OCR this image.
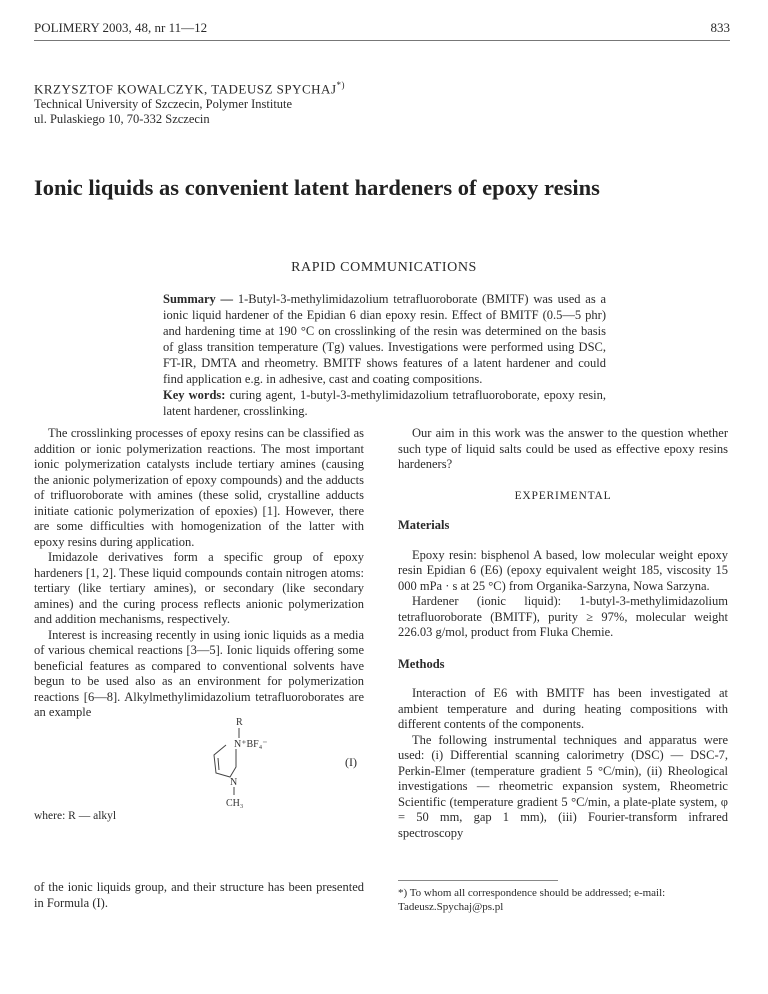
POLIMERY 2003, 48, nr 11—12	833
KRZYSZTOF KOWALCZYK, TADEUSZ SPYCHAJ*)
Technical University of Szczecin, Polymer Institute
ul. Pulaskiego 10, 70-332 Szczecin
Ionic liquids as convenient latent hardeners of epoxy resins
RAPID COMMUNICATIONS
Summary — 1-Butyl-3-methylimidazolium tetrafluoroborate (BMITF) was used as a ionic liquid hardener of the Epidian 6 dian epoxy resin. Effect of BMITF (0.5—5 phr) and hardening time at 190 °C on crosslinking of the resin was determined on the basis of glass transition temperature (Tg) values. Investigations were performed using DSC, FT-IR, DMTA and rheometry. BMITF shows features of a latent hardener and could find application e.g. in adhesive, cast and coating compositions.
Key words: curing agent, 1-butyl-3-methylimidazolium tetrafluoroborate, epoxy resin, latent hardener, crosslinking.

The crosslinking processes of epoxy resins can be classified as addition or ionic polymerization reactions. The most important ionic polymerization catalysts include tertiary amines (causing the anionic polymerization of epoxy compounds) and the adducts of trifluoroborate with amines (these solid, crystalline adducts initiate cationic polymerization of epoxies) [1]. However, there are some difficulties with homogenization of the latter with epoxy resins during application.

Imidazole derivatives form a specific group of epoxy hardeners [1, 2]. These liquid compounds contain nitrogen atoms: tertiary (like tertiary amines), or secondary (like secondary amines) and the curing process reflects anionic polymerization and addition mechanisms, respectively.

Interest is increasing recently in using ionic liquids as a media of various chemical reactions [3—5]. Ionic liquids offering some beneficial features as compared to conventional solvents have begun to be used also as an environment for polymerization reactions [6—8]. Alkylmethylimidazolium tetrafluoroborates are an example

R
N⁺BF₄⁻
N
CH₃
(I)
where: R — alkyl
of the ionic liquids group, and their structure has been presented in Formula (I).

Our aim in this work was the answer to the question whether such type of liquid salts could be used as effective epoxy resins hardeners?

EXPERIMENTAL

Materials

Epoxy resin: bisphenol A based, low molecular weight epoxy resin Epidian 6 (E6) (epoxy equivalent weight 185, viscosity 15 000 mPa · s at 25 °C) from Organika-Sarzyna, Nowa Sarzyna.

Hardener (ionic liquid): 1-butyl-3-methylimidazolium tetrafluoroborate (BMITF), purity ≥ 97%, molecular weight 226.03 g/mol, product from Fluka Chemie.

Methods

Interaction of E6 with BMITF has been investigated at ambient temperature and during heating compositions with different contents of the components.

The following instrumental techniques and apparatus were used: (i) Differential scanning calorimetry (DSC) — DSC-7, Perkin-Elmer (temperature gradient 5 °C/min), (ii) Rheological investigations — rheometric expansion system, Rheometric Scientific (temperature gradient 5 °C/min, a plate-plate system, φ = 50 mm, gap 1 mm), (iii) Fourier-transform infrared spectroscopy

*) To whom all correspondence should be addressed; e-mail: Tadeusz.Spychaj@ps.pl
